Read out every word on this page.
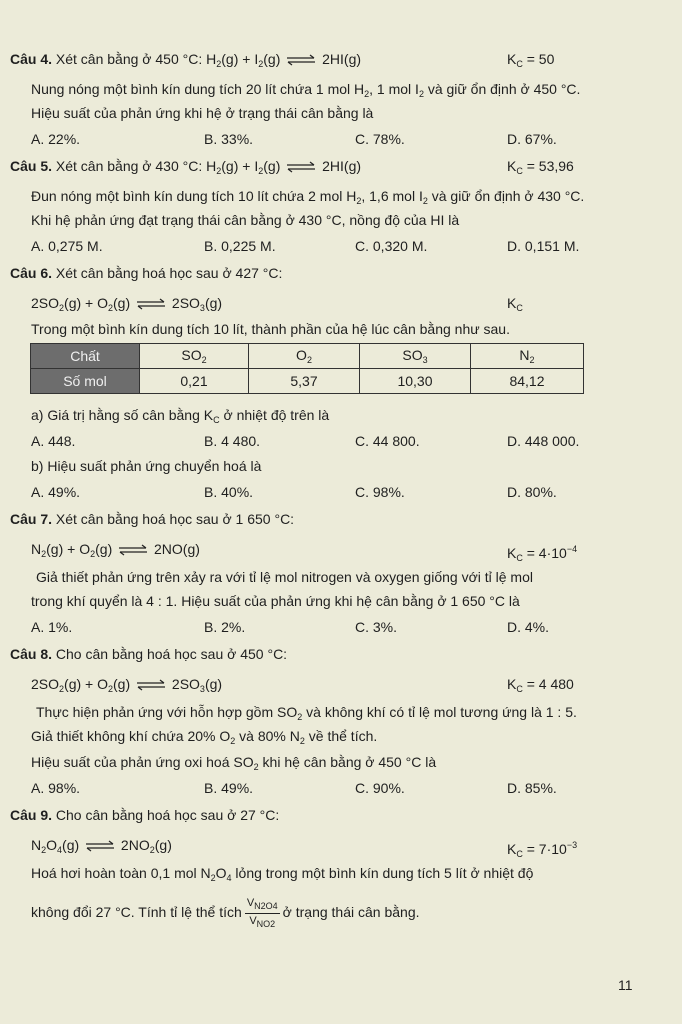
Câu 4. Xét cân bằng ở 450 °C: $H_2(g) + I_2(g)$ ⇌ 2HI(g)	$K_C = 50$
Nung nóng một bình kín dung tích 20 lít chứa 1 mol $H_2$, 1 mol $I_2$ và giữ ổn định ở 450 °C.
Hiệu suất của phản ứng khi hệ ở trạng thái cân bằng là
A. 22%.	B. 33%.	C. 78%.	D. 67%.
Câu 5. Xét cân bằng ở 430 °C: $H_2(g) + I_2(g)$ ⇌ 2HI(g)	$K_C = 53,96$
Đun nóng một bình kín dung tích 10 lít chứa 2 mol $H_2$, 1,6 mol $I_2$ và giữ ổn định ở 430 °C.
Khi hệ phản ứng đạt trạng thái cân bằng ở 430 °C, nồng độ của HI là
A. 0,275 M.	B. 0,225 M.	C. 0,320 M.	D. 0,151 M.
Câu 6. Xét cân bằng hoá học sau ở 427 °C:
$2SO_2(g) + O_2(g)$ ⇌ $2SO_3(g)$	$K_C$
Trong một bình kín dung tích 10 lít, thành phần của hệ lúc cân bằng như sau.
Chất	$SO_2$	$O_2$	$SO_3$	$N_2$
Số mol	0,21	5,37	10,30	84,12
a) Giá trị hằng số cân bằng $K_C$ ở nhiệt độ trên là
A. 448.	B. 4 480.	C. 44 800.	D. 448 000.
b) Hiệu suất phản ứng chuyển hoá là
A. 49%.	B. 40%.	C. 98%.	D. 80%.
Câu 7. Xét cân bằng hoá học sau ở 1 650 °C:
$N_2(g) + O_2(g)$ ⇌ 2NO(g)	$K_C = 4\cdot 10^{-4}$
Giả thiết phản ứng trên xảy ra với tỉ lệ mol nitrogen và oxygen giống với tỉ lệ mol
trong khí quyển là 4 : 1. Hiệu suất của phản ứng khi hệ cân bằng ở 1 650 °C là
A. 1%.	B. 2%.	C. 3%.	D. 4%.
Câu 8. Cho cân bằng hoá học sau ở 450 °C:
$2SO_2(g) + O_2(g)$ ⇌ $2SO_3(g)$	$K_C = 4$ 480
Thực hiện phản ứng với hỗn hợp gồm $SO_2$ và không khí có tỉ lệ mol tương ứng là 1 : 5.
Giả thiết không khí chứa 20% $O_2$ và 80% $N_2$ về thể tích.
Hiệu suất của phản ứng oxi hoá $SO_2$ khi hệ cân bằng ở 450 °C là
A. 98%.	B. 49%.	C. 90%.	D. 85%.
Câu 9. Cho cân bằng hoá học sau ở 27 °C:
$N_2O_4(g)$ ⇌ $2NO_2(g)$	$K_C = 7\cdot 10^{-3}$
Hoá hơi hoàn toàn 0,1 mol $N_2O_4$ lỏng trong một bình kín dung tích 5 lít ở nhiệt độ
không đổi 27 °C. Tính tỉ lệ thể tích $\frac{V_{N2O4}}{V_{NO2}}$ ở trạng thái cân bằng.
11
